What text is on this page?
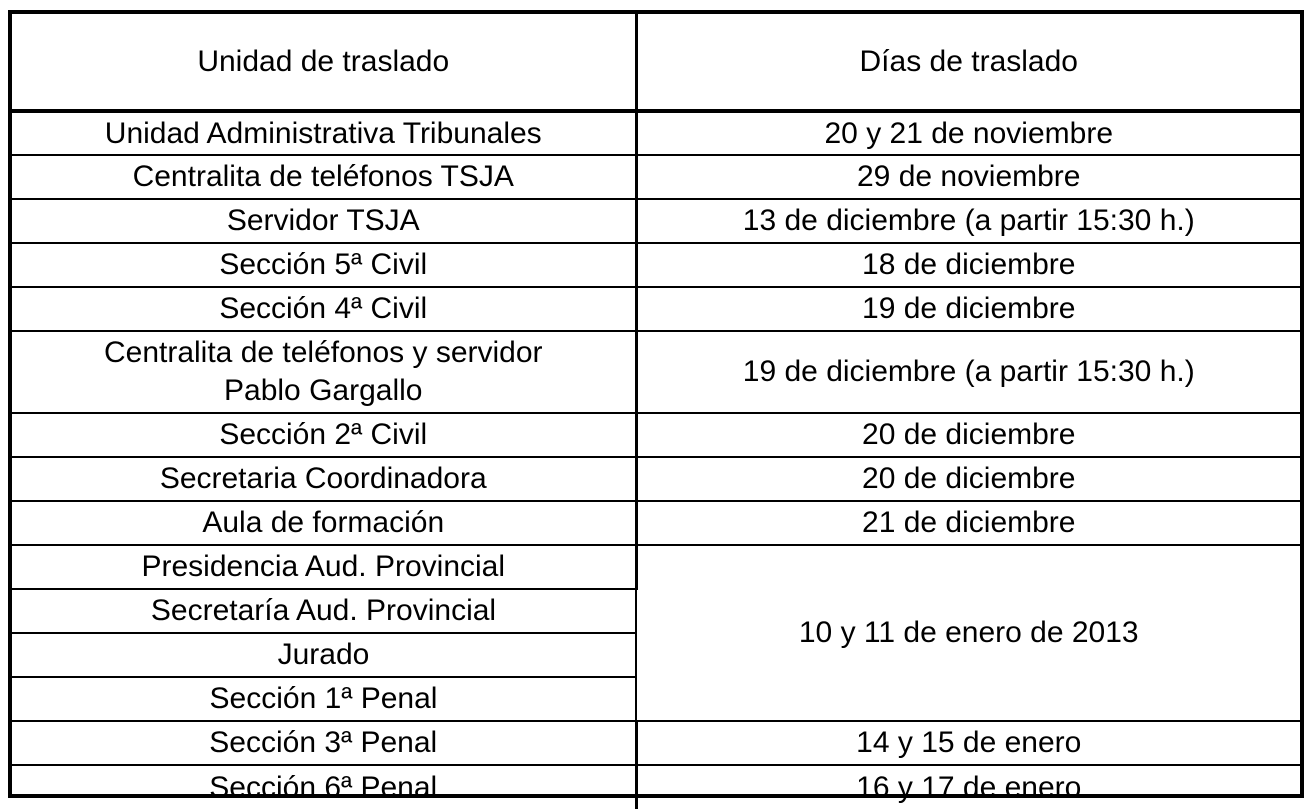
Unidad de traslado	Días de traslado
Unidad Administrativa Tribunales	20 y 21 de noviembre
Centralita de teléfonos TSJA	29 de noviembre
Servidor TSJA	13 de diciembre (a partir 15:30 h.)
Sección 5ª Civil	18 de diciembre
Sección 4ª Civil	19 de diciembre

Centralita de teléfonos y servidor
Pablo Gargallo	19 de diciembre (a partir 15:30 h.)
Sección 2ª Civil	20 de diciembre
Secretaria Coordinadora	20 de diciembre
Aula de formación	21 de diciembre
Presidencia Aud. Provincial	10 y 11 de enero de 2013
Secretaría Aud. Provincial	
Jurado	
Sección 1ª Penal	
Sección 3ª Penal	14 y 15 de enero
Sección 6ª Penal	16 y 17 de enero
